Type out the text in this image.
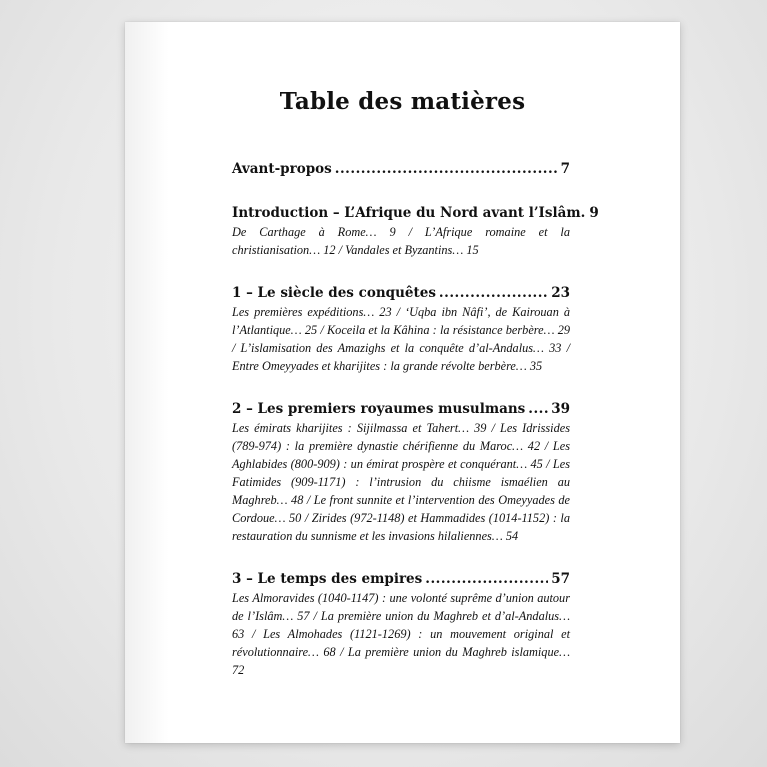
Table des matières
Avant-propos .....	7
Introduction – L’Afrique du Nord avant l’Islâm. 9

De Carthage à Rome… 9 / L’Afrique romaine et la christianisation… 12 / Vandales et Byzantins… 15

1 – Le siècle des conquêtes .....	23

Les premières expéditions… 23 / ‘Uqba ibn Nâfi’, de Kairouan à l’Atlantique… 25 / Koceila et la Kâhina : la résistance berbère… 29 / L’islamisation des Amazighs et la conquête d’al-Andalus… 33 / Entre Omeyyades et kharijites : la grande révolte berbère… 35

2 – Les premiers royaumes musulmans ..... 39

Les émirats kharijites : Sijilmassa et Tahert… 39 / Les Idrissides (789-974) : la première dynastie chérifienne du Maroc… 42 / Les Aghlabides (800-909) : un émirat prospère et conquérant… 45 / Les Fatimides (909-1171) : l’intrusion du chiisme ismaélien au Maghreb… 48 / Le front sunnite et l’intervention des Omeyyades de Cordoue… 50 / Zirides (972-1148) et Hammadides (1014-1152) : la restauration du sunnisme et les invasions hilaliennes… 54

3 – Le temps des empires .....	57

Les Almoravides (1040-1147) : une volonté suprême d’union autour de l’Islâm… 57 / La première union du Maghreb et d’al-Andalus… 63 / Les Almohades (1121-1269) : un mouvement original et révolutionnaire… 68 / La première union du Maghreb islamique… 72
